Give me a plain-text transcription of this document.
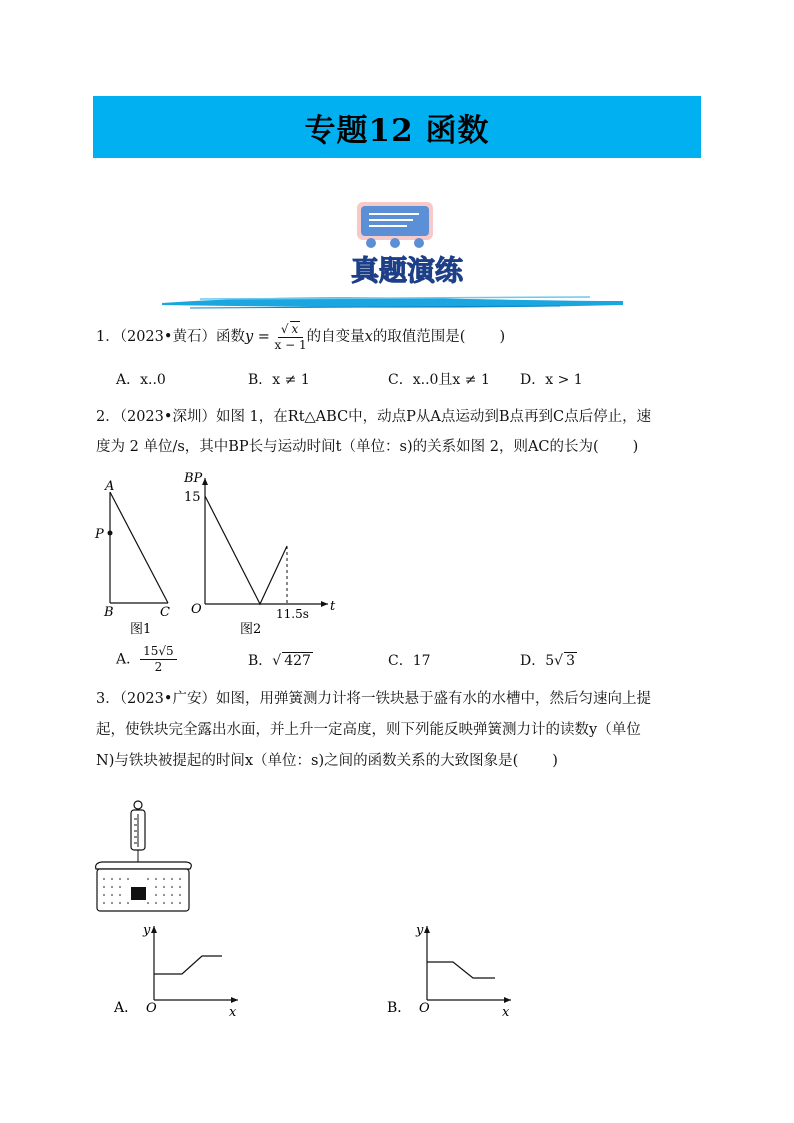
专题12 函数
真题演练
1．（2023•黄石）函数$y = \frac{√ x}{x - 1}$ 的自变量x的取值范围是( )
A．x..0	B．x ≠ 1	C．x..0且x ≠ 1 D．x > 1
2．（2023•深圳）如图 1，在Rt△ABC中，动点P从A点运动到B点再到C点后停止，速
度为 2 单位/s，其中BP长与运动时间t（单位：s)的关系如图 2，则AC的长为( )
A
P
B	C
图1
BP
15
O	11.5s t
图2
A． $\frac{15√5}{2}$	B．√ 427	C．17	D．5√ 3
3．（2023•广安）如图，用弹簧测力计将一铁块悬于盛有水的水槽中，然后匀速向上提
起，使铁块完全露出水面，并上升一定高度，则下列能反映弹簧测力计的读数y（单位
N)与铁块被提起的时间x（单位：s)之间的函数关系的大致图象是( )
y
O	x
A．
y
O	x
B．
